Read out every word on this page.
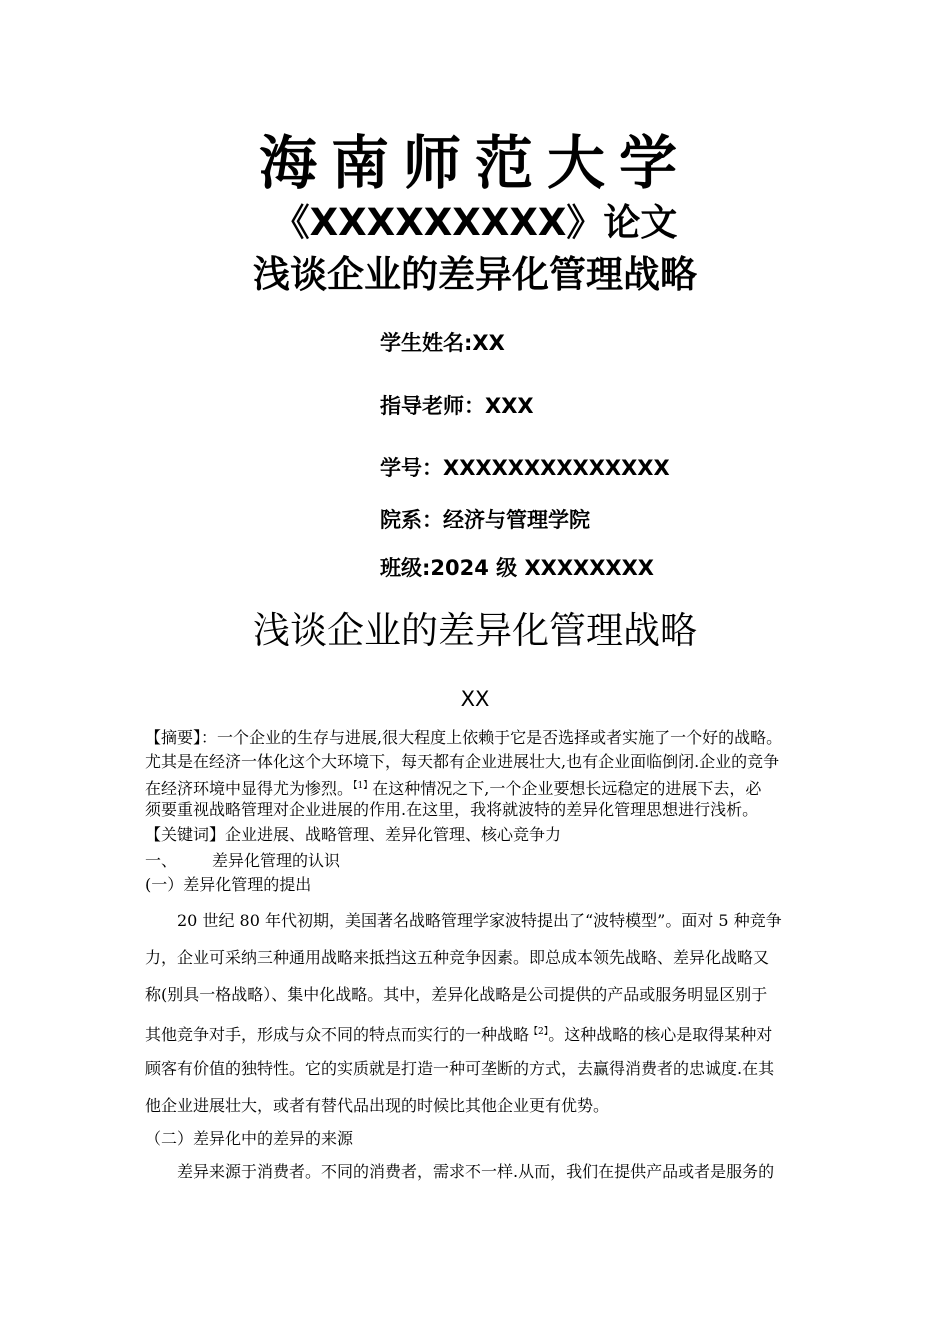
海南师范大学
《XXXXXXXXX》论文
浅谈企业的差异化管理战略
学生姓名:XX
指导老师：XXX
学号：XXXXXXXXXXXXXX
院系：经济与管理学院
班级:2024 级 XXXXXXXX
浅谈企业的差异化管理战略
XX
【摘要】：一个企业的生存与进展,很大程度上依赖于它是否选择或者实施了一个好的战略。
尤其是在经济一体化这个大环境下，每天都有企业进展壮大,也有企业面临倒闭.企业的竞争
在经济环境中显得尤为惨烈。$^{【1】}$在这种情况之下,一个企业要想长远稳定的进展下去，必
须要重视战略管理对企业进展的作用.在这里，我将就波特的差异化管理思想进行浅析。
【关键词】企业进展、战略管理、差异化管理、核心竞争力
一、 差异化管理的认识
(一）差异化管理的提出
20 世纪 80 年代初期，美国著名战略管理学家波特提出了“波特模型”。面对 5 种竞争
力，企业可采纳三种通用战略来抵挡这五种竞争因素。即总成本领先战略、差异化战略又
称(别具一格战略）、集中化战略。其中，差异化战略是公司提供的产品或服务明显区别于
其他竞争对手，形成与众不同的特点而实行的一种战略$^{【2】}$。这种战略的核心是取得某种对
顾客有价值的独特性。它的实质就是打造一种可垄断的方式，去赢得消费者的忠诚度.在其
他企业进展壮大，或者有替代品出现的时候比其他企业更有优势。
（二）差异化中的差异的来源
差异来源于消费者。不同的消费者，需求不一样.从而，我们在提供产品或者是服务的
